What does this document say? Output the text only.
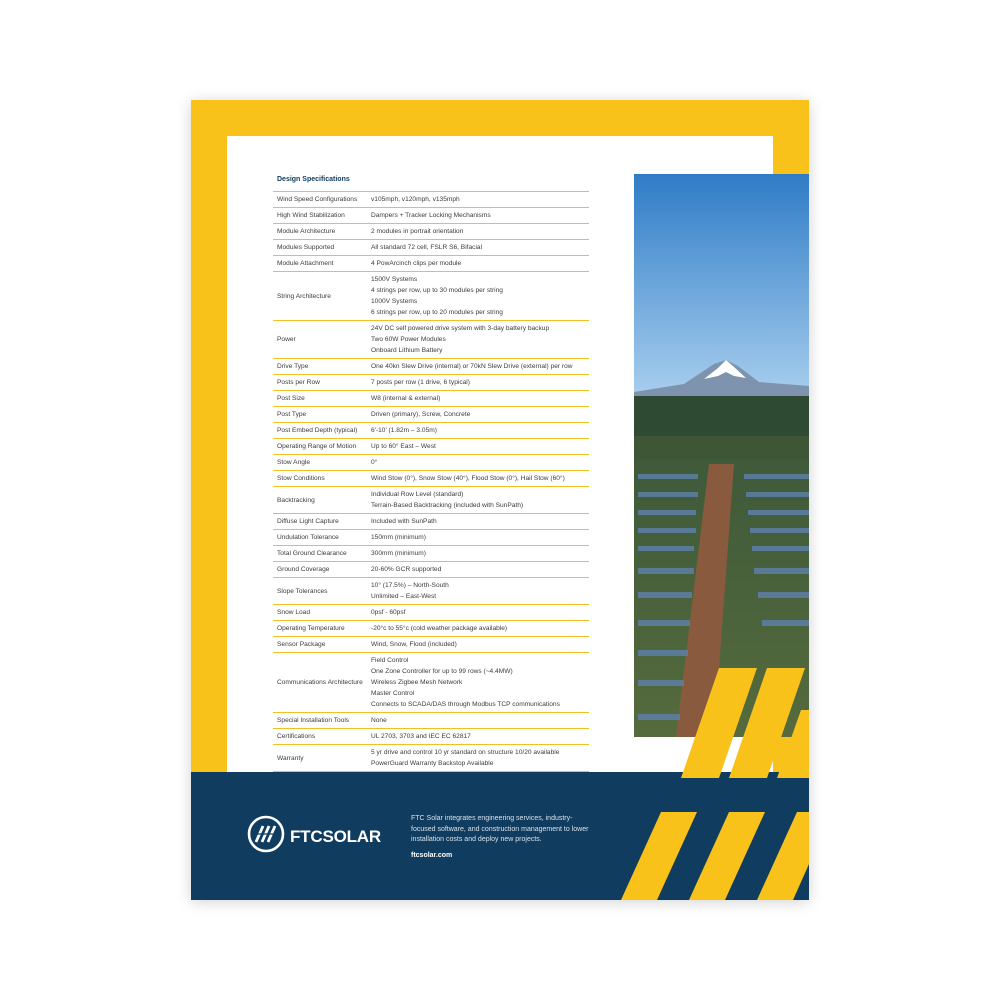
Design Specifications
Wind Speed Configurations	v105mph, v120mph, v135mph

High Wind Stabilization	Dampers + Tracker Locking Mechanisms

Module Architecture	2 modules in portrait orientation

Modules Supported	All standard 72 cell, FSLR S6, Bifacial

Module Attachment	4 PowArcinch clips per module

String Architecture	1500V Systems
4 strings per row, up to 30 modules per string
1000V Systems
6 strings per row, up to 20 modules per string

Power	24V DC self powered drive system with 3-day battery backup
Two 60W Power Modules
Onboard Lithium Battery

Drive Type	One 40kn Slew Drive (internal) or 70kN Slew Drive (external) per row

Posts per Row	7 posts per row (1 drive, 6 typical)

Post Size	W8 (internal & external)

Post Type	Driven (primary), Screw, Concrete

Post Embed Depth (typical)	6'-10' (1.82m – 3.05m)

Operating Range of Motion	Up to 60° East – West

Stow Angle	0°

Stow Conditions	Wind Stow (0°), Snow Stow (40°), Flood Stow (0°), Hail Stow (60°)

Backtracking	Individual Row Level (standard)
Terrain-Based Backtracking (included with SunPath)

Diffuse Light Capture	Included with SunPath

Undulation Tolerance	150mm (minimum)

Total Ground Clearance	300mm (minimum)

Ground Coverage	20-60% GCR supported

Slope Tolerances	10° (17.5%) – North-South
Unlimited – East-West

Snow Load	0psf - 60psf

Operating Temperature	-20°c to 55°c (cold weather package available)

Sensor Package	Wind, Snow, Flood (included)

Communications Architecture	Field Control
One Zone Controller for up to 99 rows (~4.4MW)
Wireless Zigbee Mesh Network
Master Control
Connects to SCADA/DAS through Modbus TCP communications

Special Installation Tools	None

Certifications	UL 2703, 3703 and IEC EC 62817

Warranty	5 yr drive and control 10 yr standard on structure 10/20 available
PowerGuard Warranty Backstop Available
FTCSOLAR
FTC Solar integrates engineering services, industry-focused software, and construction management to lower installation costs and deploy new projects.
ftcsolar.com
